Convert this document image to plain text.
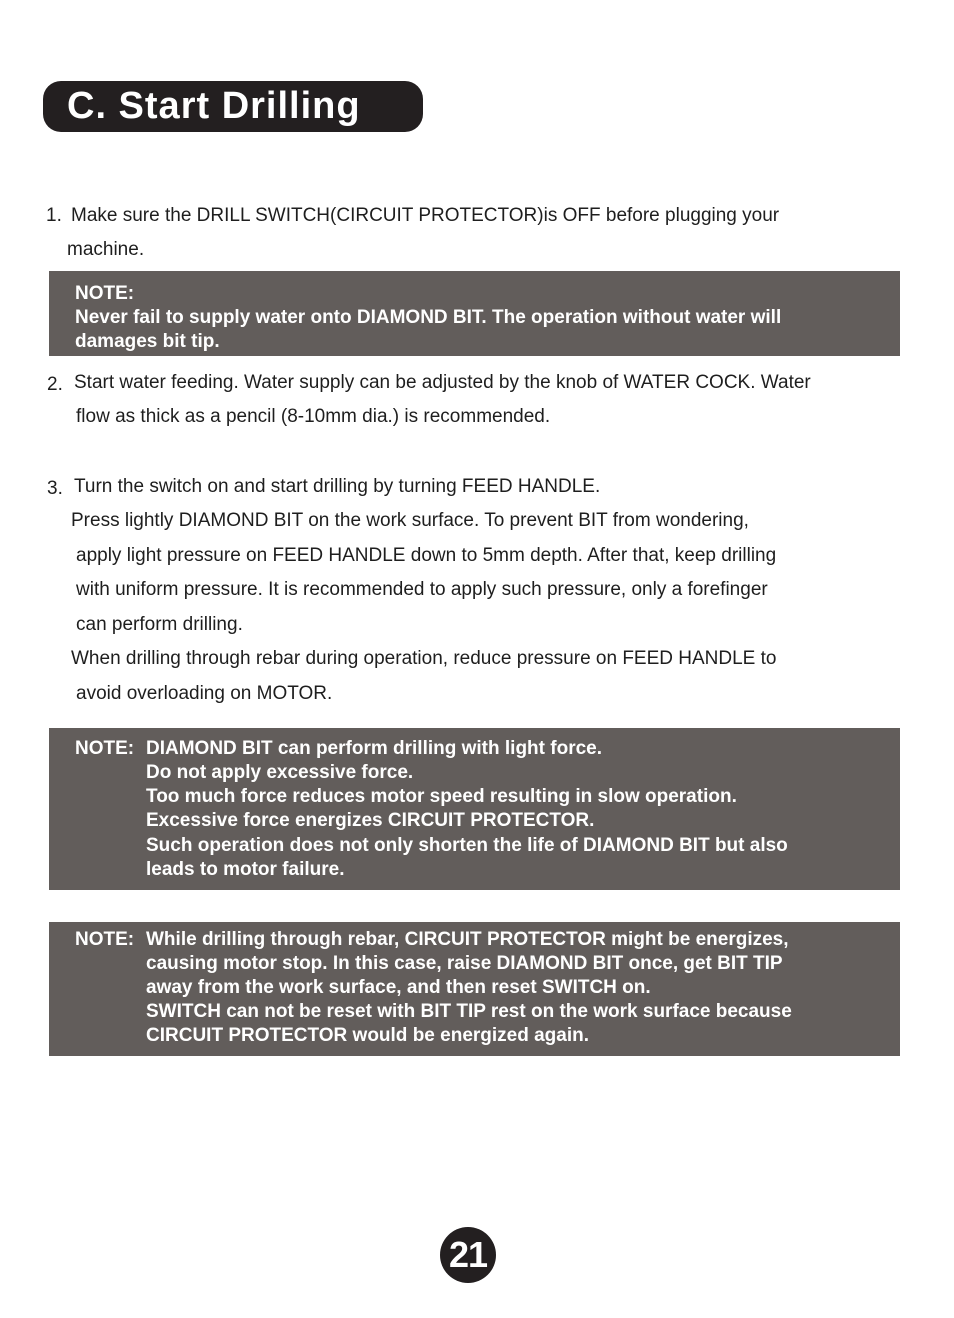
C. Start Drilling
1. Make sure the DRILL SWITCH(CIRCUIT PROTECTOR)is OFF before plugging your
machine.
NOTE:
Never fail to supply water onto DIAMOND BIT. The operation without water will
damages bit tip.
2. Start water feeding. Water supply can be adjusted by the knob of WATER COCK. Water
flow as thick as a pencil (8-10mm dia.) is recommended.
3. Turn the switch on and start drilling by turning FEED HANDLE.
Press lightly DIAMOND BIT on the work surface. To prevent BIT from wondering,
apply light pressure on FEED HANDLE down to 5mm depth. After that, keep drilling
with uniform pressure. It is recommended to apply such pressure, only a forefinger
can perform drilling.
When drilling through rebar during operation, reduce pressure on FEED HANDLE to
avoid overloading on MOTOR.
NOTE: DIAMOND BIT can perform drilling with light force.
Do not apply excessive force.
Too much force reduces motor speed resulting in slow operation.
Excessive force energizes CIRCUIT PROTECTOR.
Such operation does not only shorten the life of DIAMOND BIT but also
leads to motor failure.
NOTE: While drilling through rebar, CIRCUIT PROTECTOR might be energizes,
causing motor stop. In this case, raise DIAMOND BIT once, get BIT TIP
away from the work surface, and then reset SWITCH on.
SWITCH can not be reset with BIT TIP rest on the work surface because
CIRCUIT PROTECTOR would be energized again.
21
